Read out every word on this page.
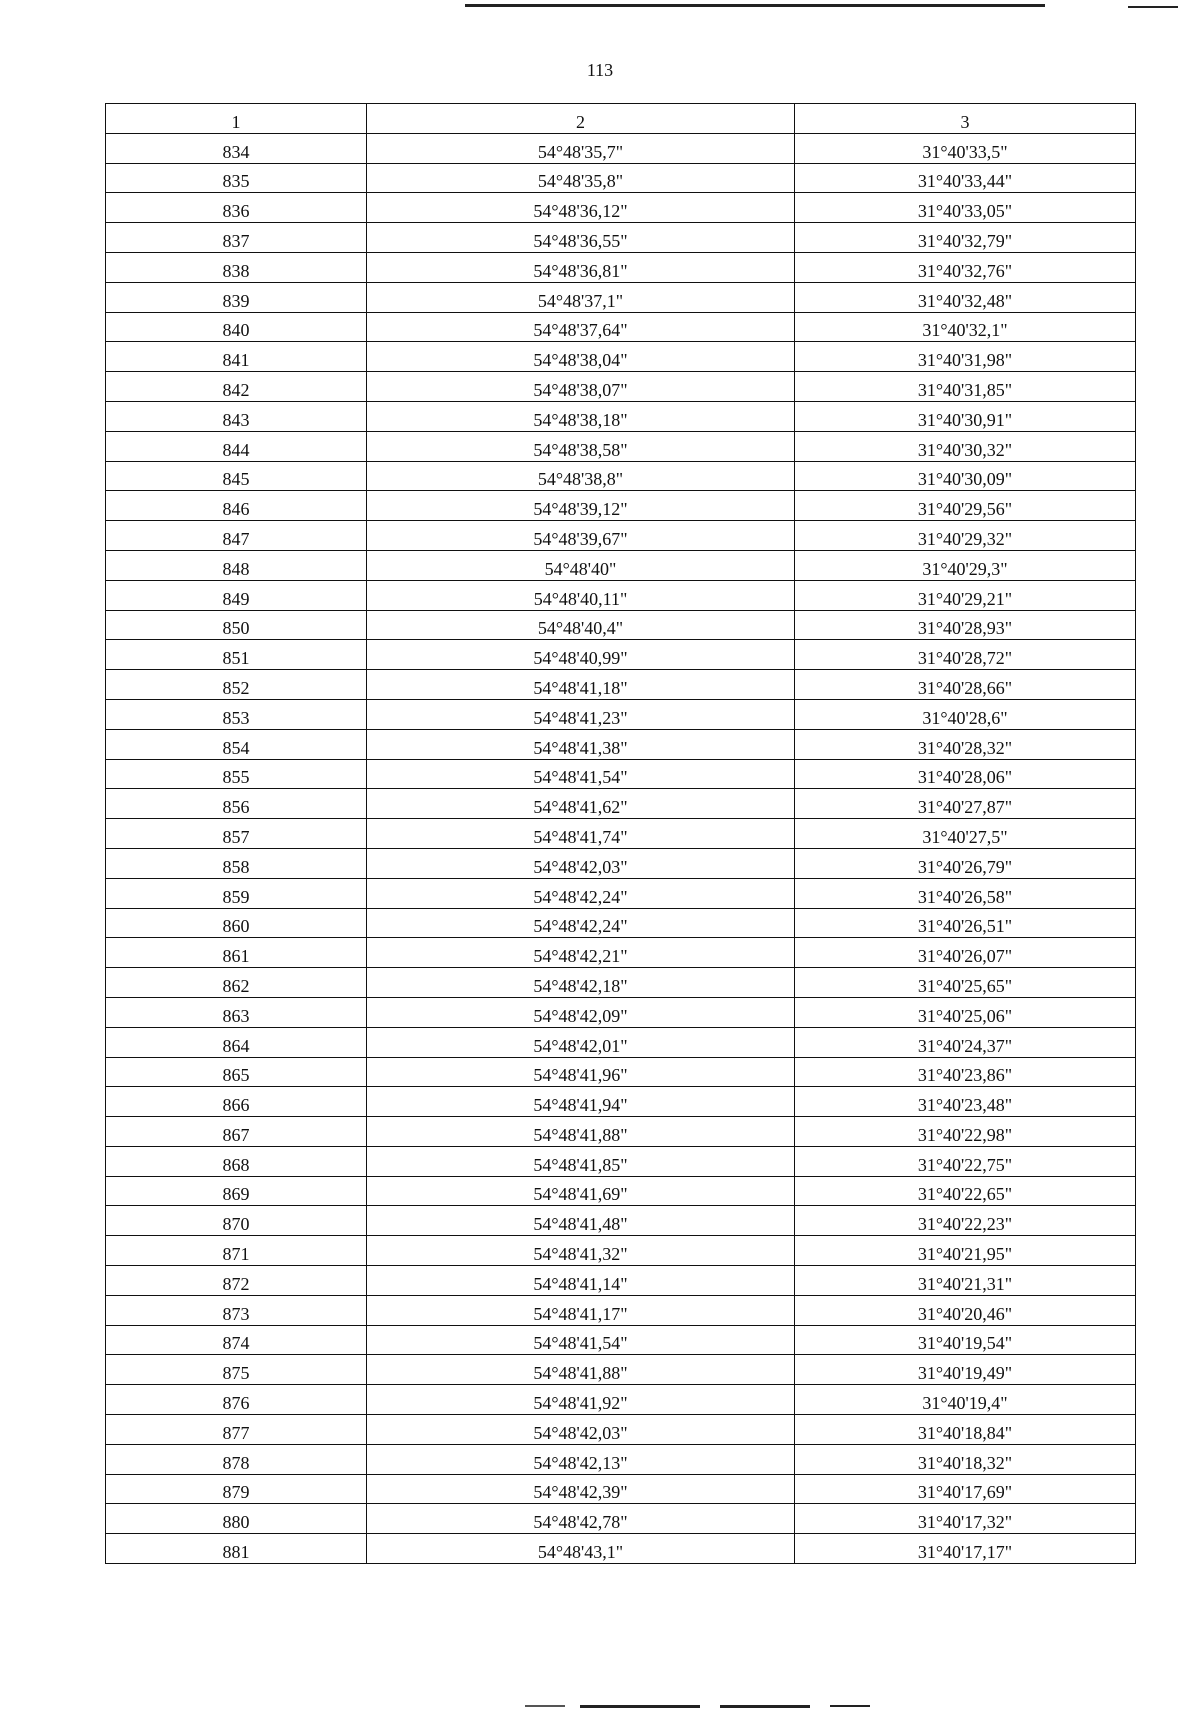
113
1	2	3
834	54°48'35,7"	31°40'33,5"
835	54°48'35,8"	31°40'33,44"
836	54°48'36,12"	31°40'33,05"
837	54°48'36,55"	31°40'32,79"
838	54°48'36,81"	31°40'32,76"
839	54°48'37,1"	31°40'32,48"
840	54°48'37,64"	31°40'32,1"
841	54°48'38,04"	31°40'31,98"
842	54°48'38,07"	31°40'31,85"
843	54°48'38,18"	31°40'30,91"
844	54°48'38,58"	31°40'30,32"
845	54°48'38,8"	31°40'30,09"
846	54°48'39,12"	31°40'29,56"
847	54°48'39,67"	31°40'29,32"
848	54°48'40"	31°40'29,3"
849	54°48'40,11"	31°40'29,21"
850	54°48'40,4"	31°40'28,93"
851	54°48'40,99"	31°40'28,72"
852	54°48'41,18"	31°40'28,66"
853	54°48'41,23"	31°40'28,6"
854	54°48'41,38"	31°40'28,32"
855	54°48'41,54"	31°40'28,06"
856	54°48'41,62"	31°40'27,87"
857	54°48'41,74"	31°40'27,5"
858	54°48'42,03"	31°40'26,79"
859	54°48'42,24"	31°40'26,58"
860	54°48'42,24"	31°40'26,51"
861	54°48'42,21"	31°40'26,07"
862	54°48'42,18"	31°40'25,65"
863	54°48'42,09"	31°40'25,06"
864	54°48'42,01"	31°40'24,37"
865	54°48'41,96"	31°40'23,86"
866	54°48'41,94"	31°40'23,48"
867	54°48'41,88"	31°40'22,98"
868	54°48'41,85"	31°40'22,75"
869	54°48'41,69"	31°40'22,65"
870	54°48'41,48"	31°40'22,23"
871	54°48'41,32"	31°40'21,95"
872	54°48'41,14"	31°40'21,31"
873	54°48'41,17"	31°40'20,46"
874	54°48'41,54"	31°40'19,54"
875	54°48'41,88"	31°40'19,49"
876	54°48'41,92"	31°40'19,4"
877	54°48'42,03"	31°40'18,84"
878	54°48'42,13"	31°40'18,32"
879	54°48'42,39"	31°40'17,69"
880	54°48'42,78"	31°40'17,32"
881	54°48'43,1"	31°40'17,17"
